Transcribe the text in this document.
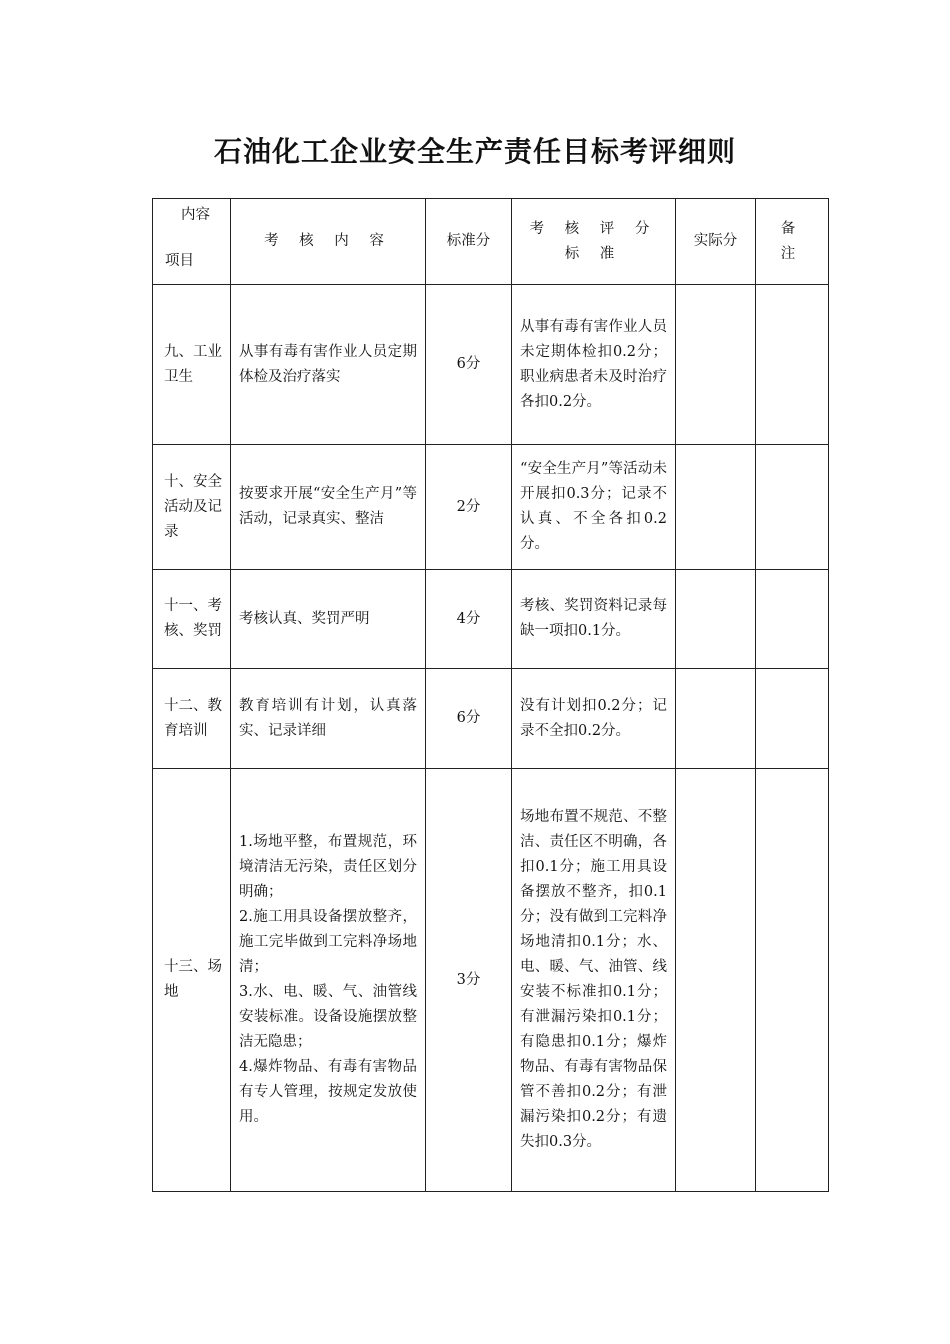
石油化工企业安全生产责任目标考评细则
内容
项目	考 核 内 容	标准分	考 核 评 分 标 准	实际分	备 注
九、工业卫生	从事有毒有害作业人员定期体检及治疗落实	6分	从事有毒有害作业人员未定期体检扣0.2分；职业病患者未及时治疗各扣0.2分。		
十、安全活动及记录	按要求开展“安全生产月”等活动，记录真实、整洁	2分	“安全生产月”等活动未开展扣0.3分；记录不认真、不全各扣0.2分。		
十一、考核、奖罚	考核认真、奖罚严明	4分	考核、奖罚资料记录每缺一项扣0.1分。		
十二、教育培训	教育培训有计划，认真落实、记录详细	6分	没有计划扣0.2分；记录不全扣0.2分。		
十三、场地	1.场地平整，布置规范，环境清洁无污染，责任区划分明确；
2.施工用具设备摆放整齐，施工完毕做到工完料净场地清；
3.水、电、暖、气、油管线安装标准。设备设施摆放整洁无隐患；
4.爆炸物品、有毒有害物品有专人管理，按规定发放使用。	3分	场地布置不规范、不整洁、责任区不明确，各扣0.1分；施工用具设备摆放不整齐，扣0.1分；没有做到工完料净场地清扣0.1分；水、电、暖、气、油管、线安装不标准扣0.1分；有泄漏污染扣0.1分；有隐患扣0.1分；爆炸物品、有毒有害物品保管不善扣0.2分；有泄漏污染扣0.2分；有遗失扣0.3分。		
